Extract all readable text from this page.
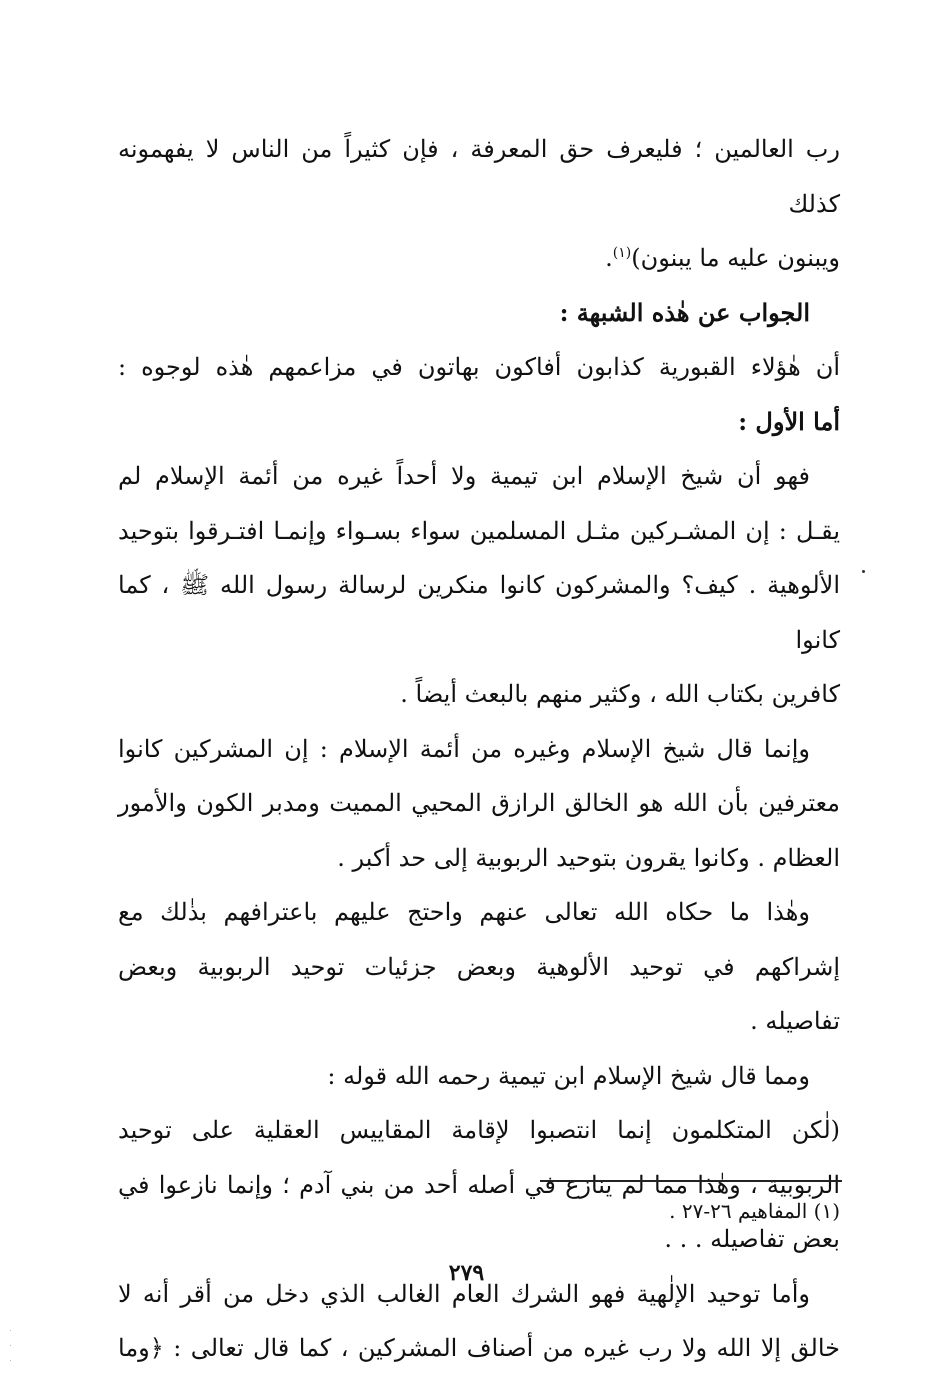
رب العالمين ؛ فليعرف حق المعرفة ، فإن كثيراً من الناس لا يفهمونه كذلك
ويبنون عليه ما يبنون)$^{(١)}$.
الجواب عن هٰذه الشبهة :
أن هٰؤلاء القبورية كذابون أفاكون بهاتون في مزاعمهم هٰذه لوجوه :
أما الأول :
فهو أن شيخ الإسلام ابن تيمية ولا أحداً غيره من أئمة الإسلام لم
يقـل : إن المشـركين مثـل المسلمين سواء بسـواء وإنمـا افتـرقوا بتوحيد
الألوهية . كيف؟ والمشركون كانوا منكرين لرسالة رسول الله ﷺ ، كما كانوا
كافرين بكتاب الله ، وكثير منهم بالبعث أيضاً .
وإنما قال شيخ الإسلام وغيره من أئمة الإسلام : إن المشركين كانوا
معترفين بأن الله هو الخالق الرازق المحيي المميت ومدبر الكون والأمور
العظام . وكانوا يقرون بتوحيد الربوبية إلى حد أكبر .
وهٰذا ما حكاه الله تعالى عنهم واحتج عليهم باعترافهم بذٰلك مع
إشراكهم في توحيد الألوهية وبعض جزئيات توحيد الربوبية وبعض
تفاصيله .
ومما قال شيخ الإسلام ابن تيمية رحمه الله قوله :
(لٰكن المتكلمون إنما انتصبوا لإقامة المقاييس العقلية على توحيد
الربوبية ، وهٰذا مما لم ينازع في أصله أحد من بني آدم ؛ وإنما نازعوا في
بعض تفاصيله . . .
وأما توحيد الإلٰهية فهو الشرك العام الغالب الذي دخل من أقر أنه لا
خالق إلا الله ولا رب غيره من أصناف المشركين ، كما قال تعالى : ﴿وما
(١) المفاهيم ٢٦-٢٧ .
٢٧٩
